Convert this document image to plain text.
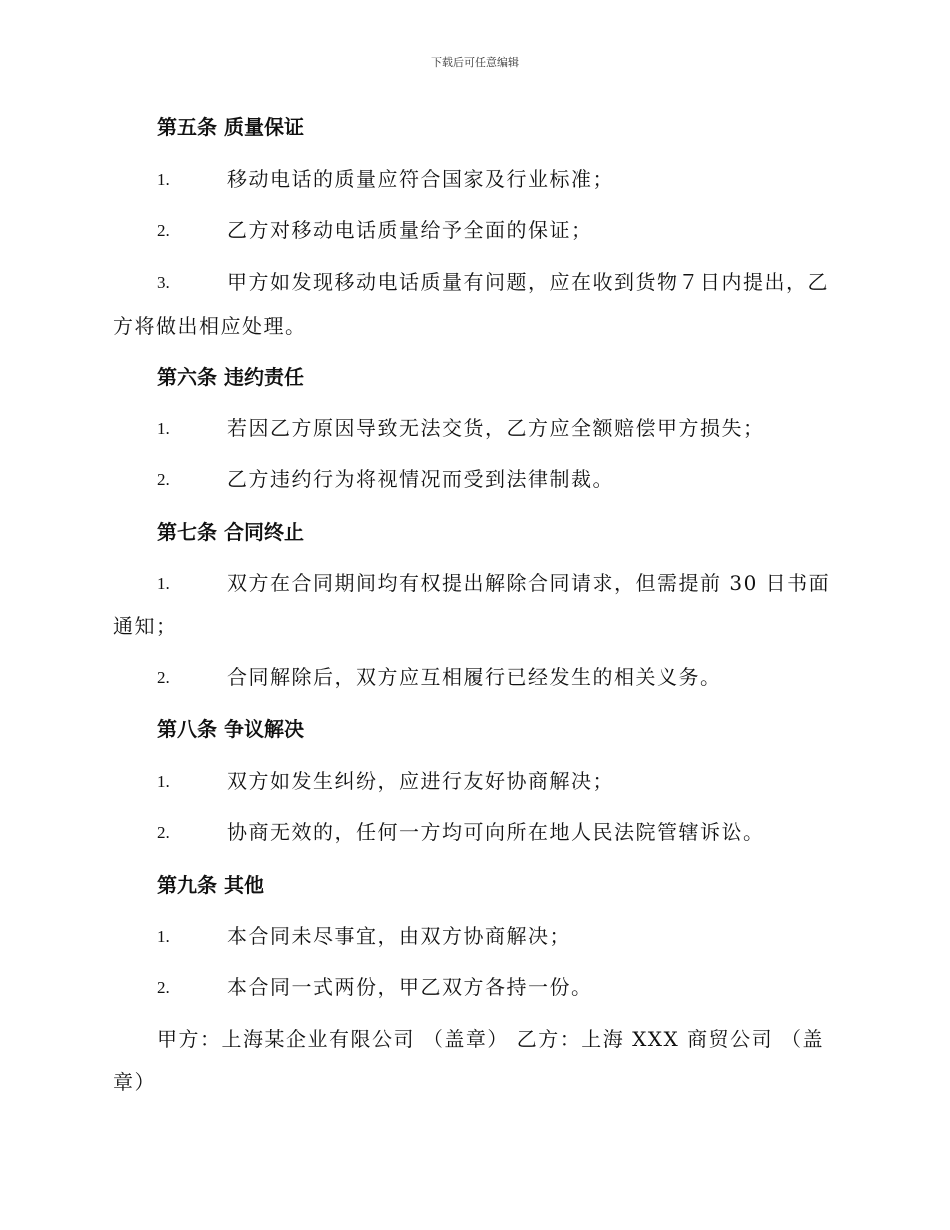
下载后可任意编辑
第五条 质量保证
1.	移动电话的质量应符合国家及行业标准；
2.	乙方对移动电话质量给予全面的保证；
3.	甲方如发现移动电话质量有问题，应在收到货物７日内提出，乙
方将做出相应处理。
第六条 违约责任
1.	若因乙方原因导致无法交货，乙方应全额赔偿甲方损失；
2.	乙方违约行为将视情况而受到法律制裁。
第七条 合同终止
1.	双方在合同期间均有权提出解除合同请求，但需提前 30 日书面
通知；
2.	合同解除后，双方应互相履行已经发生的相关义务。
第八条 争议解决
1.	双方如发生纠纷，应进行友好协商解决；
2.	协商无效的，任何一方均可向所在地人民法院管辖诉讼。
第九条 其他
1.	本合同未尽事宜，由双方协商解决；
2.	本合同一式两份，甲乙双方各持一份。
甲方：上海某企业有限公司 （盖章） 乙方：上海 XXX 商贸公司 （盖
章）
